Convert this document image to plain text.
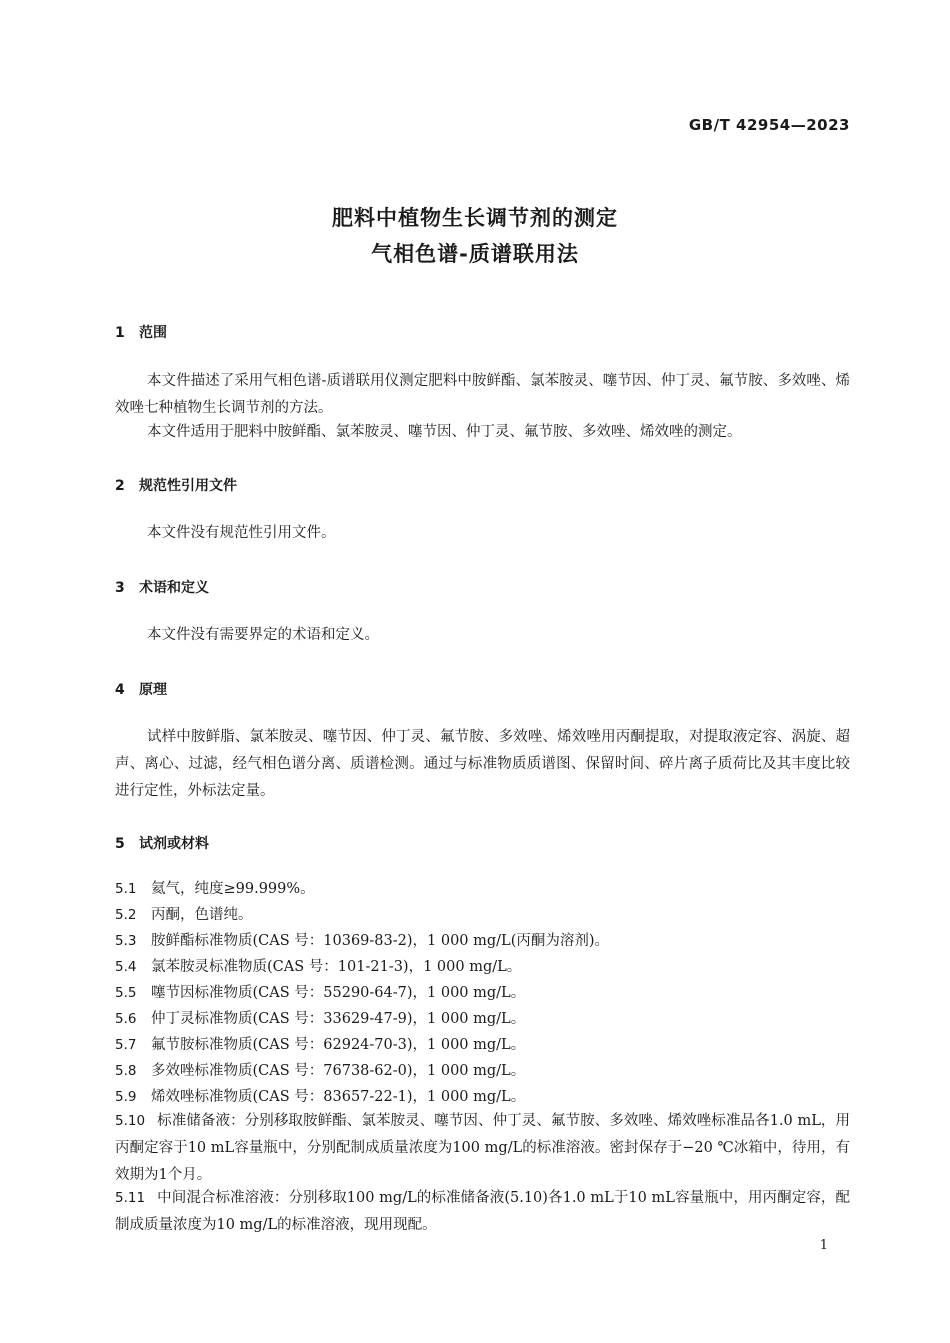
GB/T 42954—2023
肥料中植物生长调节剂的测定
气相色谱-质谱联用法
1 范围

本文件描述了采用气相色谱-质谱联用仪测定肥料中胺鲜酯、氯苯胺灵、噻节因、仲丁灵、氟节胺、多效唑、烯效唑七种植物生长调节剂的方法。

本文件适用于肥料中胺鲜酯、氯苯胺灵、噻节因、仲丁灵、氟节胺、多效唑、烯效唑的测定。

2 规范性引用文件

本文件没有规范性引用文件。

3 术语和定义

本文件没有需要界定的术语和定义。

4 原理

试样中胺鲜脂、氯苯胺灵、噻节因、仲丁灵、氟节胺、多效唑、烯效唑用丙酮提取，对提取液定容、涡旋、超声、离心、过滤，经气相色谱分离、质谱检测。通过与标准物质质谱图、保留时间、碎片离子质荷比及其丰度比较进行定性，外标法定量。

5 试剂或材料
5.1 氦气，纯度≥99.999%。
5.2 丙酮，色谱纯。
5.3 胺鲜酯标准物质(CAS 号：10369-83-2)，1 000 mg/L(丙酮为溶剂)。
5.4 氯苯胺灵标准物质(CAS 号：101-21-3)，1 000 mg/L。
5.5 噻节因标准物质(CAS 号：55290-64-7)，1 000 mg/L。
5.6 仲丁灵标准物质(CAS 号：33629-47-9)，1 000 mg/L。
5.7 氟节胺标准物质(CAS 号：62924-70-3)，1 000 mg/L。
5.8 多效唑标准物质(CAS 号：76738-62-0)，1 000 mg/L。
5.9 烯效唑标准物质(CAS 号：83657-22-1)，1 000 mg/L。
5.10 标准储备液：分别移取胺鲜酯、氯苯胺灵、噻节因、仲丁灵、氟节胺、多效唑、烯效唑标准品各1.0 mL，用丙酮定容于10 mL容量瓶中，分别配制成质量浓度为100 mg/L的标准溶液。密封保存于−20 ℃冰箱中，待用，有效期为1个月。
5.11 中间混合标准溶液：分别移取100 mg/L的标准储备液(5.10)各1.0 mL于10 mL容量瓶中，用丙酮定容，配制成质量浓度为10 mg/L的标准溶液，现用现配。
1
